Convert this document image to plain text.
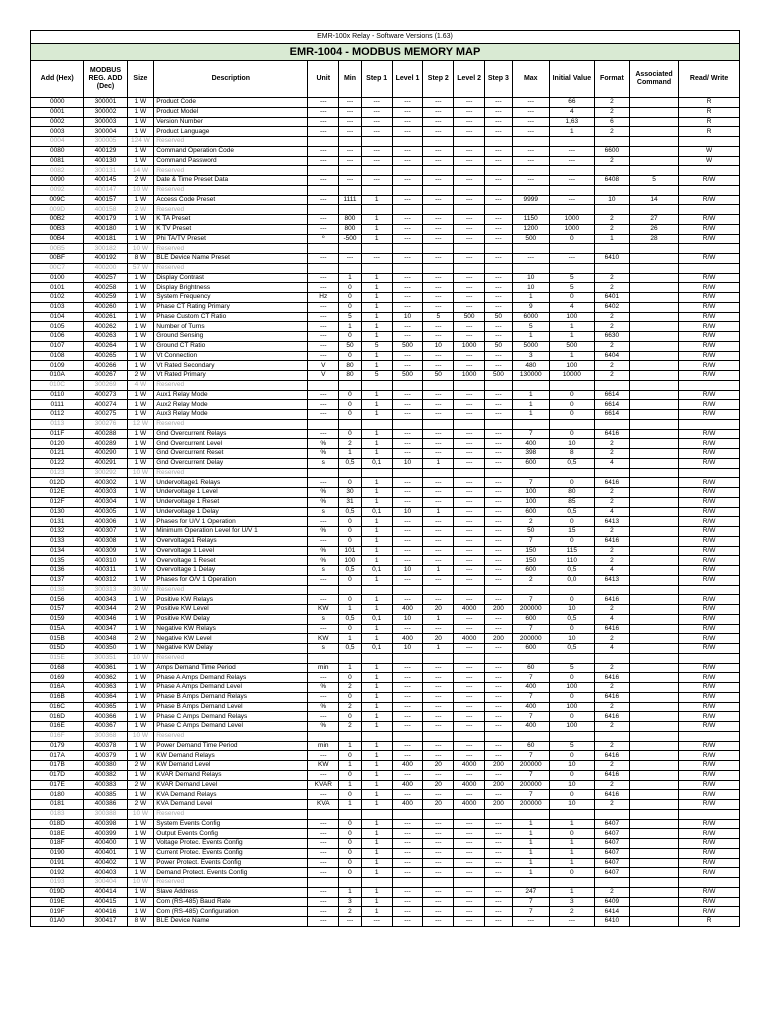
EMR-100x Relay - Software Versions (1.63)															
EMR-1004 - MODBUS MEMORY MAP															
Add (Hex)	MODBUS REG. ADD (Dec)	Size	Description	Unit	Min	Step 1	Level 1	Step 2	Level 2	Step 3	Max	Initial Value	Format	Associated Command	Read/ Write
0000	300001	1 W	Product Code	---	---	---	---	---	---	---	---	66	2		R
0001	300002	1 W	Product Model	---	---	---	---	---	---	---	---	4	2		R
0002	300003	1 W	Version Number	---	---	---	---	---	---	---	---	1,63	6		R
0003	300004	1 W	Product Language	---	---	---	---	---	---	---	---	1	2		R
0004	300005	124 W	Reserved												
0080	400129	1 W	Command Operation Code	---	---	---	---	---	---	---	---	---	6600		W
0081	400130	1 W	Command Password	---	---	---	---	---	---	---	---	---	2		W
0082	300131	14 W	Reserved												
0090	400145	2 W	Date & Time Preset Data	---	---	---	---	---	---	---	---	---	6408	5	R/W
0092	400147	10 W	Reserved												
009C	400157	1 W	Access Code Preset	---	1111	1	---	---	---	---	9999	---	10	14	R/W
009D	400158	2 W	Reserved												
00B2	400179	1 W	K TA Preset	---	800	1	---	---	---	---	1150	1000	2	27	R/W
00B3	400180	1 W	K TV Preset	---	800	1	---	---	---	---	1200	1000	2	26	R/W
00B4	400181	1 W	Phi TA/TV Preset	º	-500	1	---	---	---	---	500	0	1	28	R/W
00B5	300182	10 W	Reserved												
00BF	400192	8 W	BLE Device Name Preset	---	---	---	---	---	---	---	---	---	6410		R/W
00C7	400200	57 W	Reserved												
0100	400257	1 W	Display Contrast	---	1	1	---	---	---	---	10	5	2		R/W
0101	400258	1 W	Display Brightness	---	0	1	---	---	---	---	10	5	2		R/W
0102	400259	1 W	System Frequency	Hz	0	1	---	---	---	---	1	0	6401		R/W
0103	400260	1 W	Phase CT Rating Primary	---	0	1	---	---	---	---	9	4	6402		R/W
0104	400261	1 W	Phase Custom CT Ratio	---	5	1	10	5	500	50	6000	100	2		R/W
0105	400262	1 W	Number of Turns	---	1	1	---	---	---	---	5	1	2		R/W
0106	400263	1 W	Ground Sensing	---	0	1	---	---	---	---	1	1	6630		R/W
0107	400264	1 W	Ground CT Ratio	---	50	5	500	10	1000	50	5000	500	2		R/W
0108	400265	1 W	Vt Connection	---	0	1	---	---	---	---	3	1	6404		R/W
0109	400266	1 W	Vt Rated Secondary	V	80	1	---	---	---	---	480	100	2		R/W
010A	400267	2 W	Vt Rated Primary	V	80	5	500	50	1000	500	130000	10000	2		R/W
010C	300269	4 W	Reserved												
0110	400273	1 W	Aux1 Relay Mode	---	0	1	---	---	---	---	1	0	6614		R/W
0111	400274	1 W	Aux2 Relay Mode	---	0	1	---	---	---	---	1	0	6614		R/W
0112	400275	1 W	Aux3 Relay Mode	---	0	1	---	---	---	---	1	0	6614		R/W
0113	300276	12 W	Reserved												
011F	400288	1 W	Gnd Overcurrent Relays	---	0	1	---	---	---	---	7	0	6416		R/W
0120	400289	1 W	Gnd Overcurrent Level	%	2	1	---	---	---	---	400	10	2		R/W
0121	400290	1 W	Gnd Overcurrent Reset	%	1	1	---	---	---	---	398	8	2		R/W
0122	400291	1 W	Gnd Overcurrent Delay	s	0,5	0,1	10	1	---	---	600	0,5	4		R/W
0123	300292	10 W	Reserved												
012D	400302	1 W	Undervoltage1 Relays	---	0	1	---	---	---	---	7	0	6416		R/W
012E	400303	1 W	Undervoltage 1 Level	%	30	1	---	---	---	---	100	80	2		R/W
012F	400304	1 W	Undervoltage 1 Reset	%	31	1	---	---	---	---	100	85	2		R/W
0130	400305	1 W	Undervoltage 1 Delay	s	0,5	0,1	10	1	---	---	600	0,5	4		R/W
0131	400306	1 W	Phases for U/V 1 Operation	---	0	1	---	---	---	---	2	0	6413		R/W
0132	400307	1 W	Minimum Operation Level for U/V 1	%	0	1	---	---	---	---	50	15	2		R/W
0133	400308	1 W	Overvoltage1 Relays	---	0	1	---	---	---	---	7	0	6416		R/W
0134	400309	1 W	Overvoltage 1 Level	%	101	1	---	---	---	---	150	115	2		R/W
0135	400310	1 W	Overvoltage 1 Reset	%	100	1	---	---	---	---	150	110	2		R/W
0136	400311	1 W	Overvoltage 1 Delay	s	0,5	0,1	10	1	---	---	600	0,5	4		R/W
0137	400312	1 W	Phases for O/V 1 Operation	---	0	1	---	---	---	---	2	0,0	6413		R/W
0138	300313	30 W	Reserved												
0156	400343	1 W	Positive KW Relays	---	0	1	---	---	---	---	7	0	6416		R/W
0157	400344	2 W	Positive KW Level	KW	1	1	400	20	4000	200	200000	10	2		R/W
0159	400346	1 W	Positive KW Delay	s	0,5	0,1	10	1	---	---	600	0,5	4		R/W
015A	400347	1 W	Negative KW Relays	---	0	1	---	---	---	---	7	0	6416		R/W
015B	400348	2 W	Negative KW Level	KW	1	1	400	20	4000	200	200000	10	2		R/W
015D	400350	1 W	Negative KW Delay	s	0,5	0,1	10	1	---	---	600	0,5	4		R/W
015E	300351	10 W	Reserved												
0168	400361	1 W	Amps Demand Time Period	min	1	1	---	---	---	---	60	5	2		R/W
0169	400362	1 W	Phase A Amps Demand Relays	---	0	1	---	---	---	---	7	0	6416		R/W
016A	400363	1 W	Phase A Amps Demand Level	%	2	1	---	---	---	---	400	100	2		R/W
016B	400364	1 W	Phase B Amps Demand Relays	---	0	1	---	---	---	---	7	0	6416		R/W
016C	400365	1 W	Phase B Amps Demand Level	%	2	1	---	---	---	---	400	100	2		R/W
016D	400366	1 W	Phase C Amps Demand Relays	---	0	1	---	---	---	---	7	0	6416		R/W
016E	400367	1 W	Phase C Amps Demand Level	%	2	1	---	---	---	---	400	100	2		R/W
016F	300368	10 W	Reserved												
0179	400378	1 W	Power Demand Time Period	min	1	1	---	---	---	---	60	5	2		R/W
017A	400379	1 W	KW Demand Relays	---	0	1	---	---	---	---	7	0	6416		R/W
017B	400380	2 W	KW Demand Level	KW	1	1	400	20	4000	200	200000	10	2		R/W
017D	400382	1 W	KVAR Demand Relays	---	0	1	---	---	---	---	7	0	6416		R/W
017E	400383	2 W	KVAR Demand Level	KVAR	1	1	400	20	4000	200	200000	10	2		R/W
0180	400385	1 W	KVA Demand Relays	---	0	1	---	---	---	---	7	0	6416		R/W
0181	400386	2 W	KVA Demand Level	KVA	1	1	400	20	4000	200	200000	10	2		R/W
0183	300388	10 W	Reserved												
018D	400398	1 W	System Events Config	---	0	1	---	---	---	---	1	1	6407		R/W
018E	400399	1 W	Output Events Config	---	0	1	---	---	---	---	1	0	6407		R/W
018F	400400	1 W	Voltage Protec. Events Config	---	0	1	---	---	---	---	1	1	6407		R/W
0190	400401	1 W	Current Protec. Events Config	---	0	1	---	---	---	---	1	1	6407		R/W
0191	400402	1 W	Power Protect. Events Config	---	0	1	---	---	---	---	1	1	6407		R/W
0192	400403	1 W	Demand Protect. Events Config	---	0	1	---	---	---	---	1	0	6407		R/W
0193	300404	10 W	Reserved												
019D	400414	1 W	Slave Address	---	1	1	---	---	---	---	247	1	2		R/W
019E	400415	1 W	Com (RS-485) Baud Rate	---	3	1	---	---	---	---	7	3	6409		R/W
019F	400416	1 W	Com (RS-485) Configuration	---	2	1	---	---	---	---	7	2	6414		R/W
01A0	300417	8 W	BLE Device Name	---	---	---	---	---	---	---	---	---	6410		R
